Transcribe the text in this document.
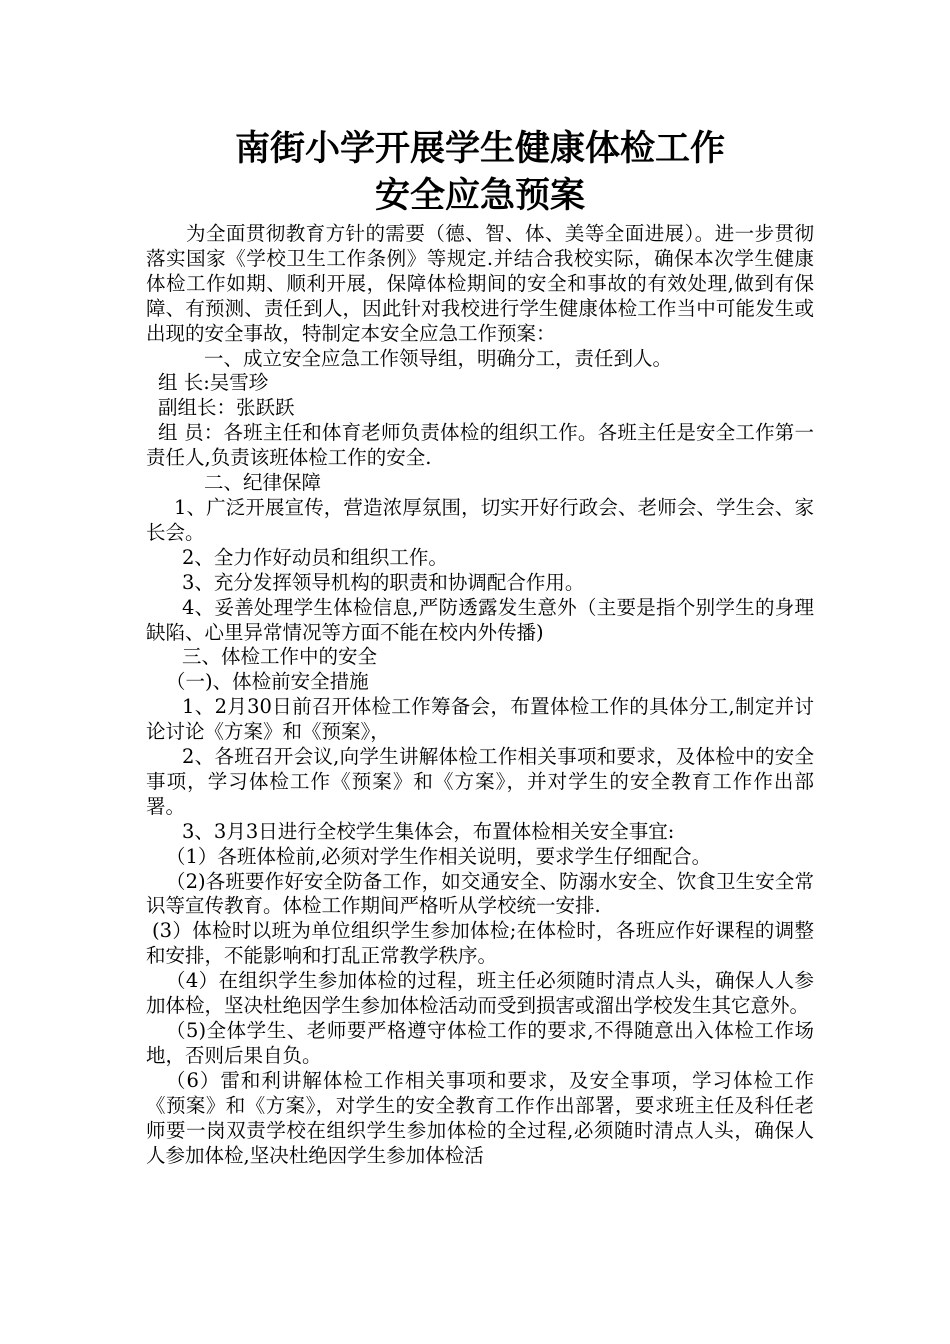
南街小学开展学生健康体检工作
安全应急预案

为全面贯彻教育方针的需要（德、智、体、美等全面进展）。进一步贯彻落实国家《学校卫生工作条例》等规定.并结合我校实际，确保本次学生健康体检工作如期、顺利开展，保障体检期间的安全和事故的有效处理,做到有保障、有预测、责任到人，因此针对我校进行学生健康体检工作当中可能发生或出现的安全事故，特制定本安全应急工作预案：

一、成立安全应急工作领导组，明确分工，责任到人。

组 长:吴雪珍

副组长：张跃跃

组 员：各班主任和体育老师负责体检的组织工作。各班主任是安全工作第一责任人,负责该班体检工作的安全.

二、纪律保障

1、广泛开展宣传，营造浓厚氛围，切实开好行政会、老师会、学生会、家长会。

2、全力作好动员和组织工作。

3、充分发挥领导机构的职责和协调配合作用。

4、妥善处理学生体检信息,严防透露发生意外（主要是指个别学生的身理缺陷、心里异常情况等方面不能在校内外传播)

三、体检工作中的安全

（一)、体检前安全措施

1、2月30日前召开体检工作筹备会，布置体检工作的具体分工,制定并讨论讨论《方案》和《预案》，

2、各班召开会议,向学生讲解体检工作相关事项和要求，及体检中的安全事项，学习体检工作《预案》和《方案》，并对学生的安全教育工作作出部署。

3、3月3日进行全校学生集体会，布置体检相关安全事宜:

（1）各班体检前,必须对学生作相关说明，要求学生仔细配合。

（2)各班要作好安全防备工作，如交通安全、防溺水安全、饮食卫生安全常识等宣传教育。体检工作期间严格听从学校统一安排.

(3）体检时以班为单位组织学生参加体检;在体检时，各班应作好课程的调整和安排，不能影响和打乱正常教学秩序。

（4）在组织学生参加体检的过程，班主任必须随时清点人头，确保人人参加体检，坚决杜绝因学生参加体检活动而受到损害或溜出学校发生其它意外。

（5)全体学生、老师要严格遵守体检工作的要求,不得随意出入体检工作场地，否则后果自负。

（6）雷和利讲解体检工作相关事项和要求，及安全事项，学习体检工作《预案》和《方案》，对学生的安全教育工作作出部署，要求班主任及科任老师要一岗双责学校在组织学生参加体检的全过程,必须随时清点人头，确保人人参加体检,坚决杜绝因学生参加体检活
